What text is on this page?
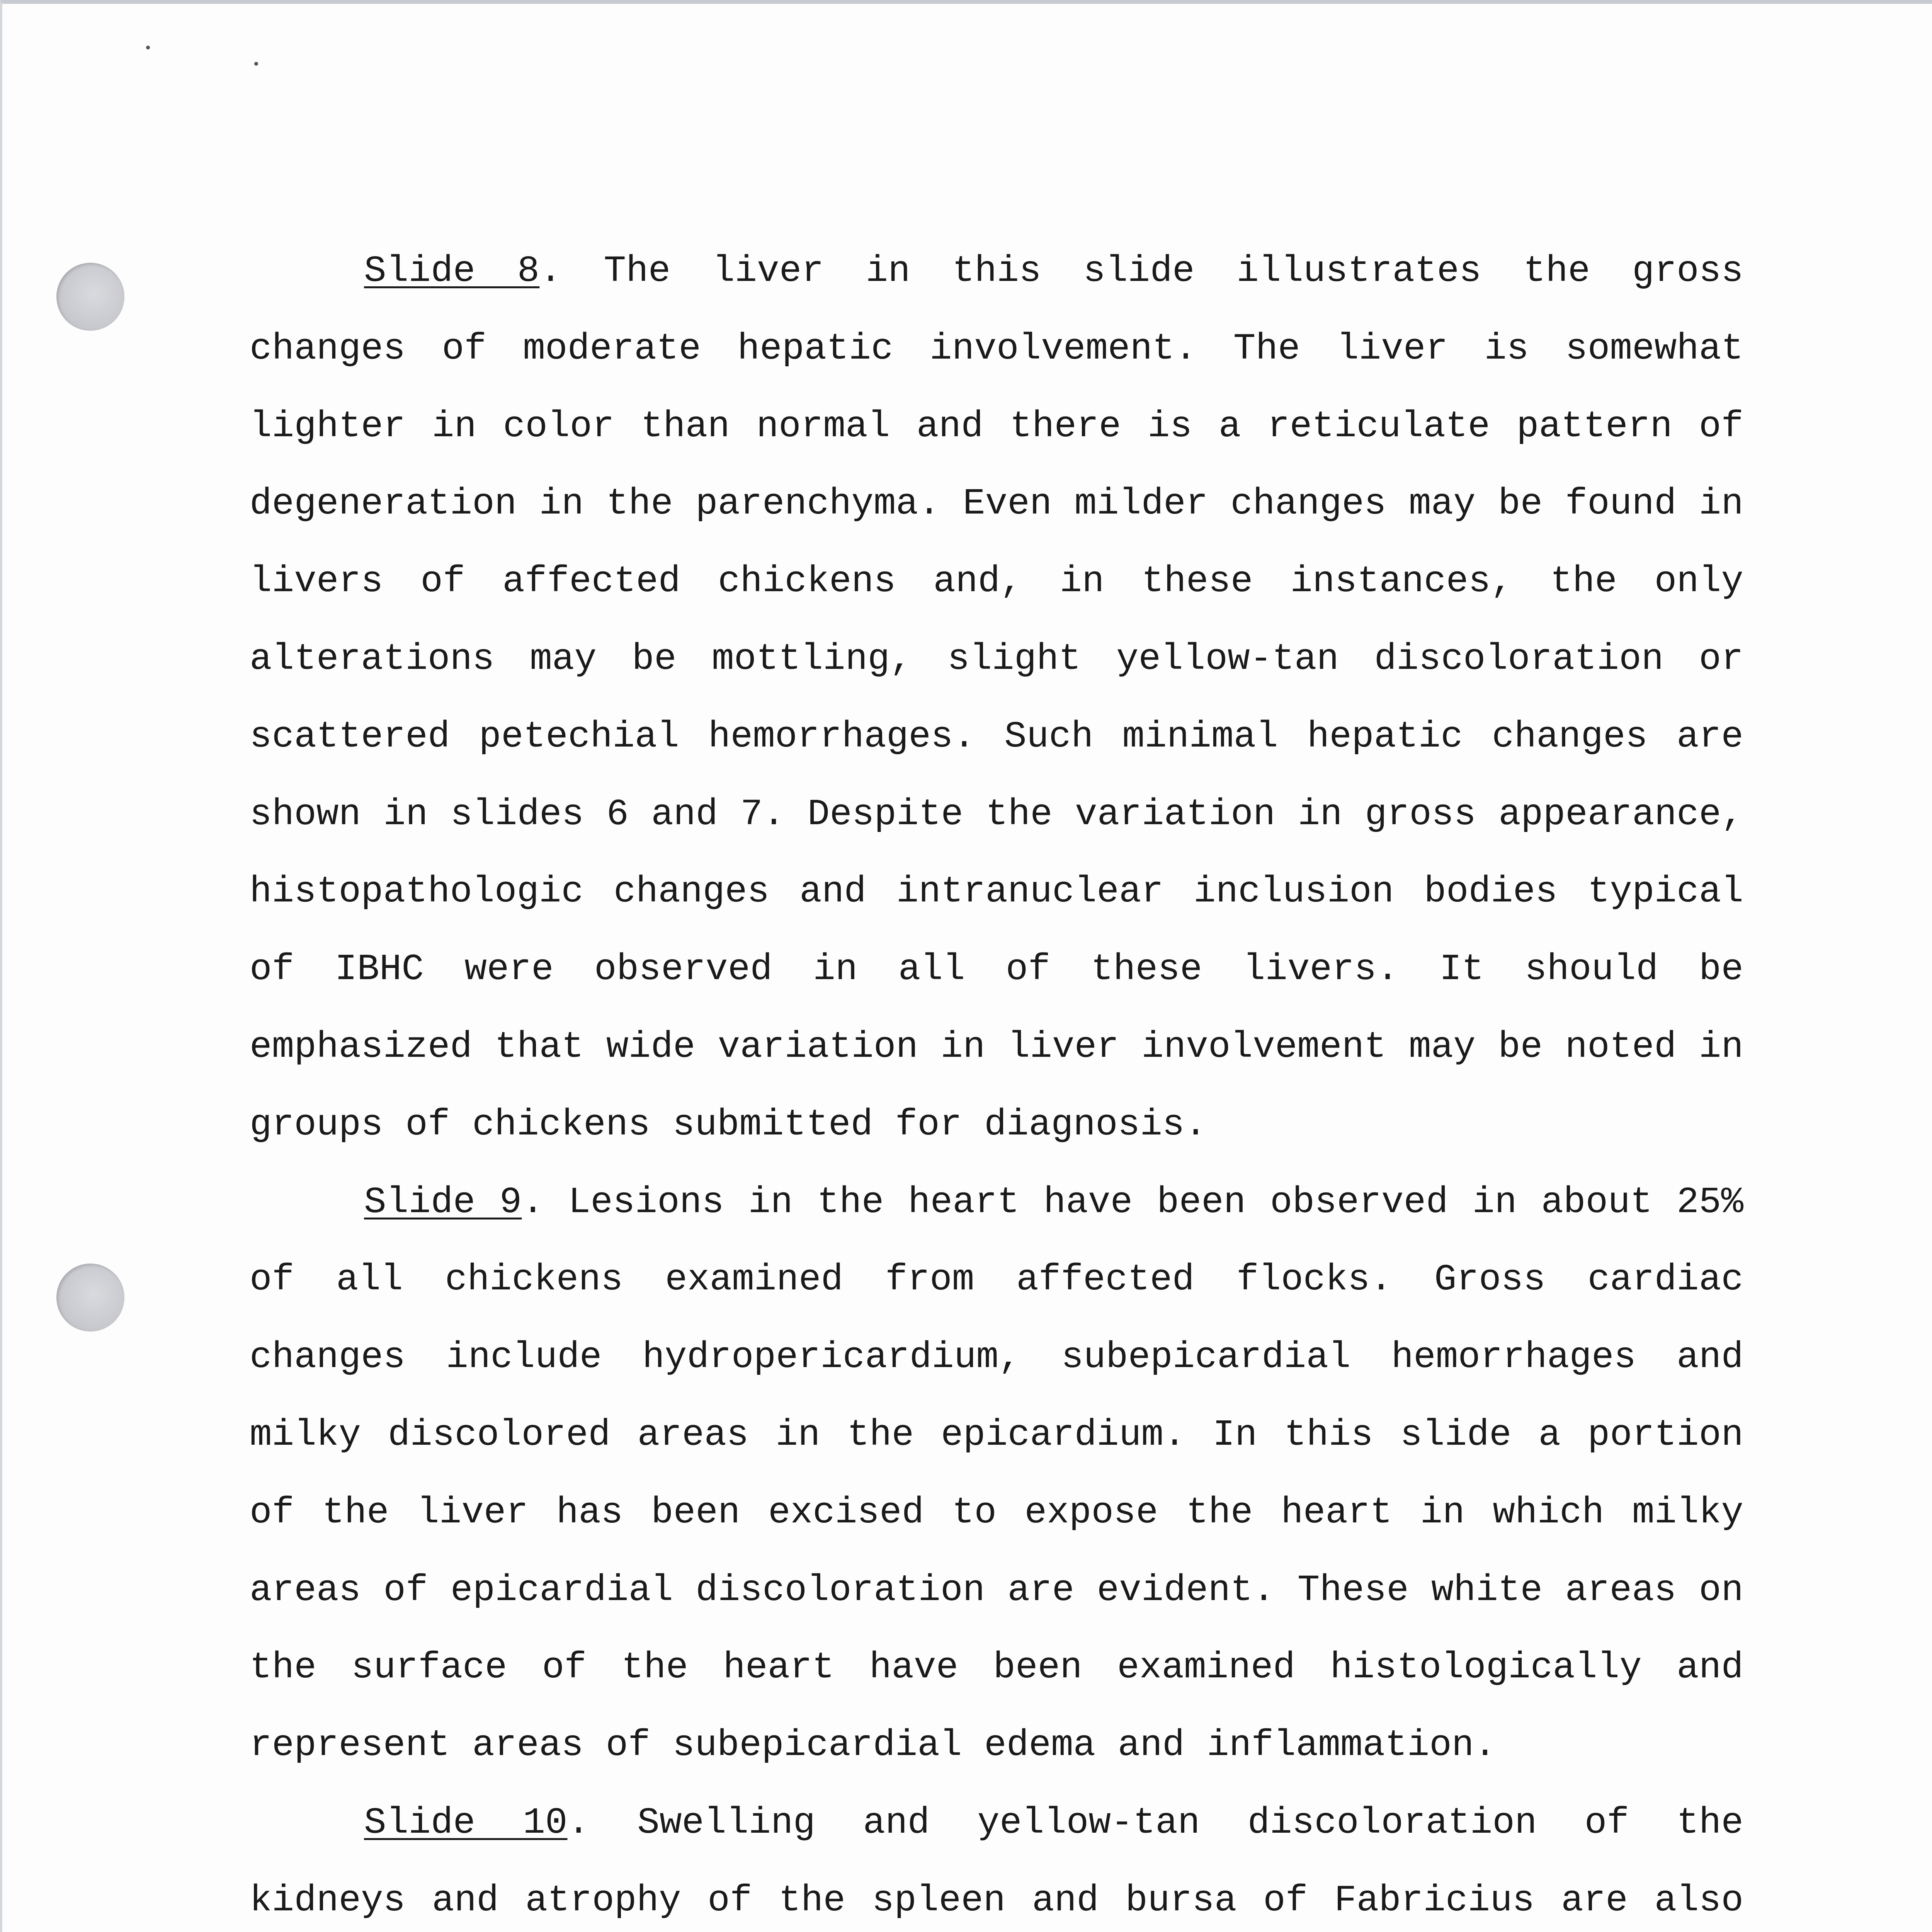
Slide 8. The liver in this slide illustrates the gross changes of moderate hepatic involvement. The liver is somewhat lighter in color than normal and there is a reticulate pattern of degeneration in the parenchyma. Even milder changes may be found in livers of affected chickens and, in these instances, the only alterations may be mottling, slight yellow-tan discoloration or scattered petechial hemorrhages. Such minimal hepatic changes are shown in slides 6 and 7. Despite the variation in gross appearance, histopathologic changes and intranuclear inclusion bodies typical of IBHC were observed in all of these livers. It should be emphasized that wide variation in liver involvement may be noted in groups of chickens submitted for diagnosis.

Slide 9. Lesions in the heart have been observed in about 25% of all chickens examined from affected flocks. Gross cardiac changes include hydropericardium, subepicardial hemorrhages and milky discolored areas in the epicardium. In this slide a portion of the liver has been excised to expose the heart in which milky areas of epicardial discoloration are evident. These white areas on the surface of the heart have been examined histologically and represent areas of subepicardial edema and inflammation.

Slide 10. Swelling and yellow-tan discoloration of the kidneys and atrophy of the spleen and bursa of Fabricius are also
